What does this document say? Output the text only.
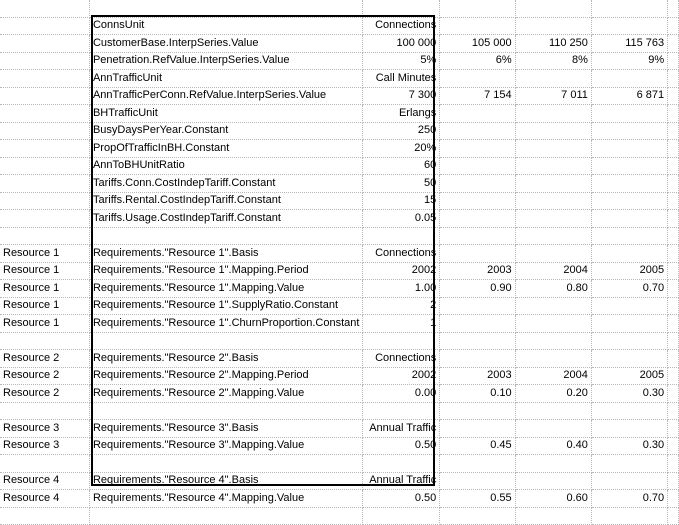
	ConnsUnit	Connections				
	CustomerBase.InterpSeries.Value	100 000	105 000	110 250	115 763	
	Penetration.RefValue.InterpSeries.Value	5%	6%	8%	9%	
	AnnTrafficUnit	Call Minutes				
	AnnTrafficPerConn.RefValue.InterpSeries.Value	7 300	7 154	7 011	6 871	
	BHTrafficUnit	Erlangs				
	BusyDaysPerYear.Constant	250				
	PropOfTrafficInBH.Constant	20%				
	AnnToBHUnitRatio	60				
	Tariffs.Conn.CostIndepTariff.Constant	50				
	Tariffs.Rental.CostIndepTariff.Constant	15				
	Tariffs.Usage.CostIndepTariff.Constant	0.05				

Resource 1	Requirements."Resource 1".Basis	Connections				
Resource 1	Requirements."Resource 1".Mapping.Period	2002	2003	2004	2005	
Resource 1	Requirements."Resource 1".Mapping.Value	1.00	0.90	0.80	0.70	
Resource 1	Requirements."Resource 1".SupplyRatio.Constant	2				
Resource 1	Requirements."Resource 1".ChurnProportion.Constant	1				

Resource 2	Requirements."Resource 2".Basis	Connections				
Resource 2	Requirements."Resource 2".Mapping.Period	2002	2003	2004	2005	
Resource 2	Requirements."Resource 2".Mapping.Value	0.00	0.10	0.20	0.30	

Resource 3	Requirements."Resource 3".Basis	Annual Traffic				
Resource 3	Requirements."Resource 3".Mapping.Value	0.50	0.45	0.40	0.30	

Resource 4	Requirements."Resource 4".Basis	Annual Traffic				
Resource 4	Requirements."Resource 4".Mapping.Value	0.50	0.55	0.60	0.70	
